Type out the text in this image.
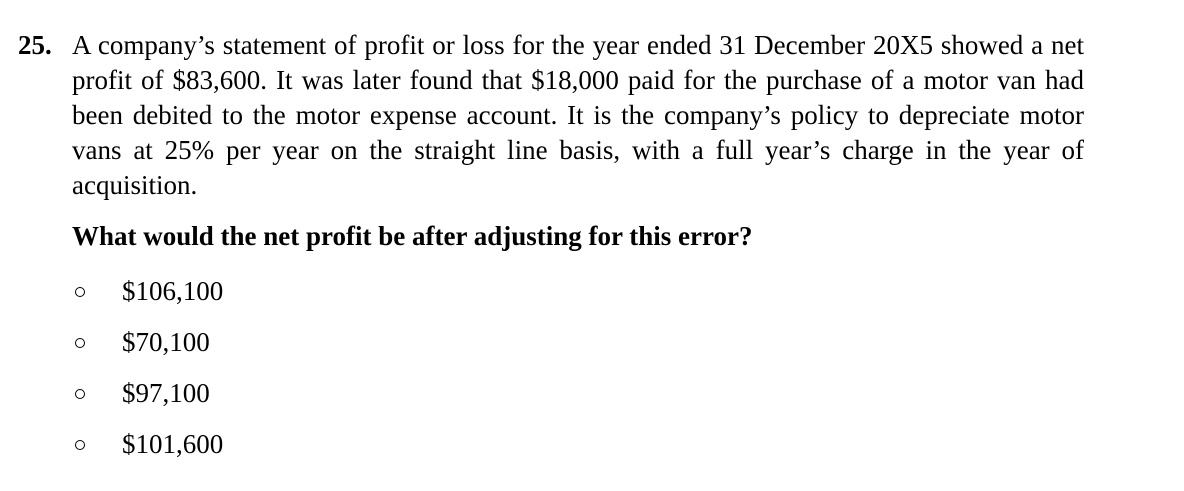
25. A company’s statement of profit or loss for the year ended 31 December 20X5 showed a net profit of $83,600. It was later found that $18,000 paid for the purchase of a motor van had been debited to the motor expense account. It is the company’s policy to depreciate motor vans at 25% per year on the straight line basis, with a full year’s charge in the year of acquisition.
What would the net profit be after adjusting for this error?
$106,100
$70,100
$97,100
$101,600
